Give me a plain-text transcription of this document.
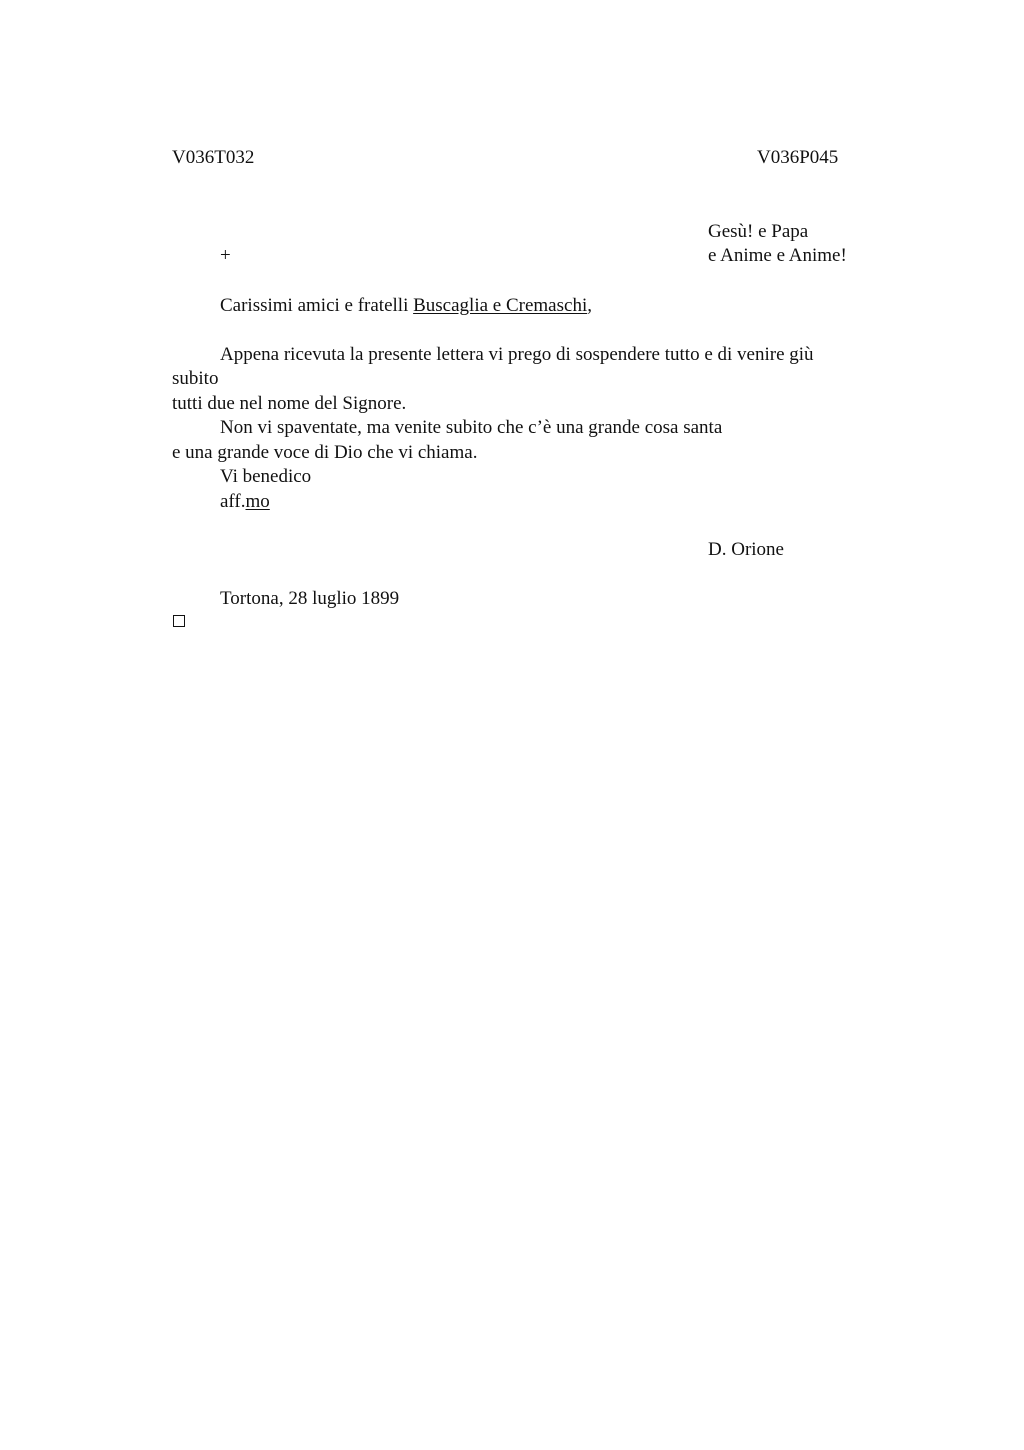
V036T032	V036P045
Gesù! e Papa
+	e Anime e Anime!
Carissimi amici e fratelli Buscaglia e Cremaschi,
Appena ricevuta la presente lettera vi prego di sospendere tutto e di venire giù
subito
tutti due nel nome del Signore.
Non vi spaventate, ma venite subito che c’è una grande cosa santa
e una grande voce di Dio che vi chiama.
Vi benedico
aff.mo
D. Orione
Tortona, 28 luglio 1899
